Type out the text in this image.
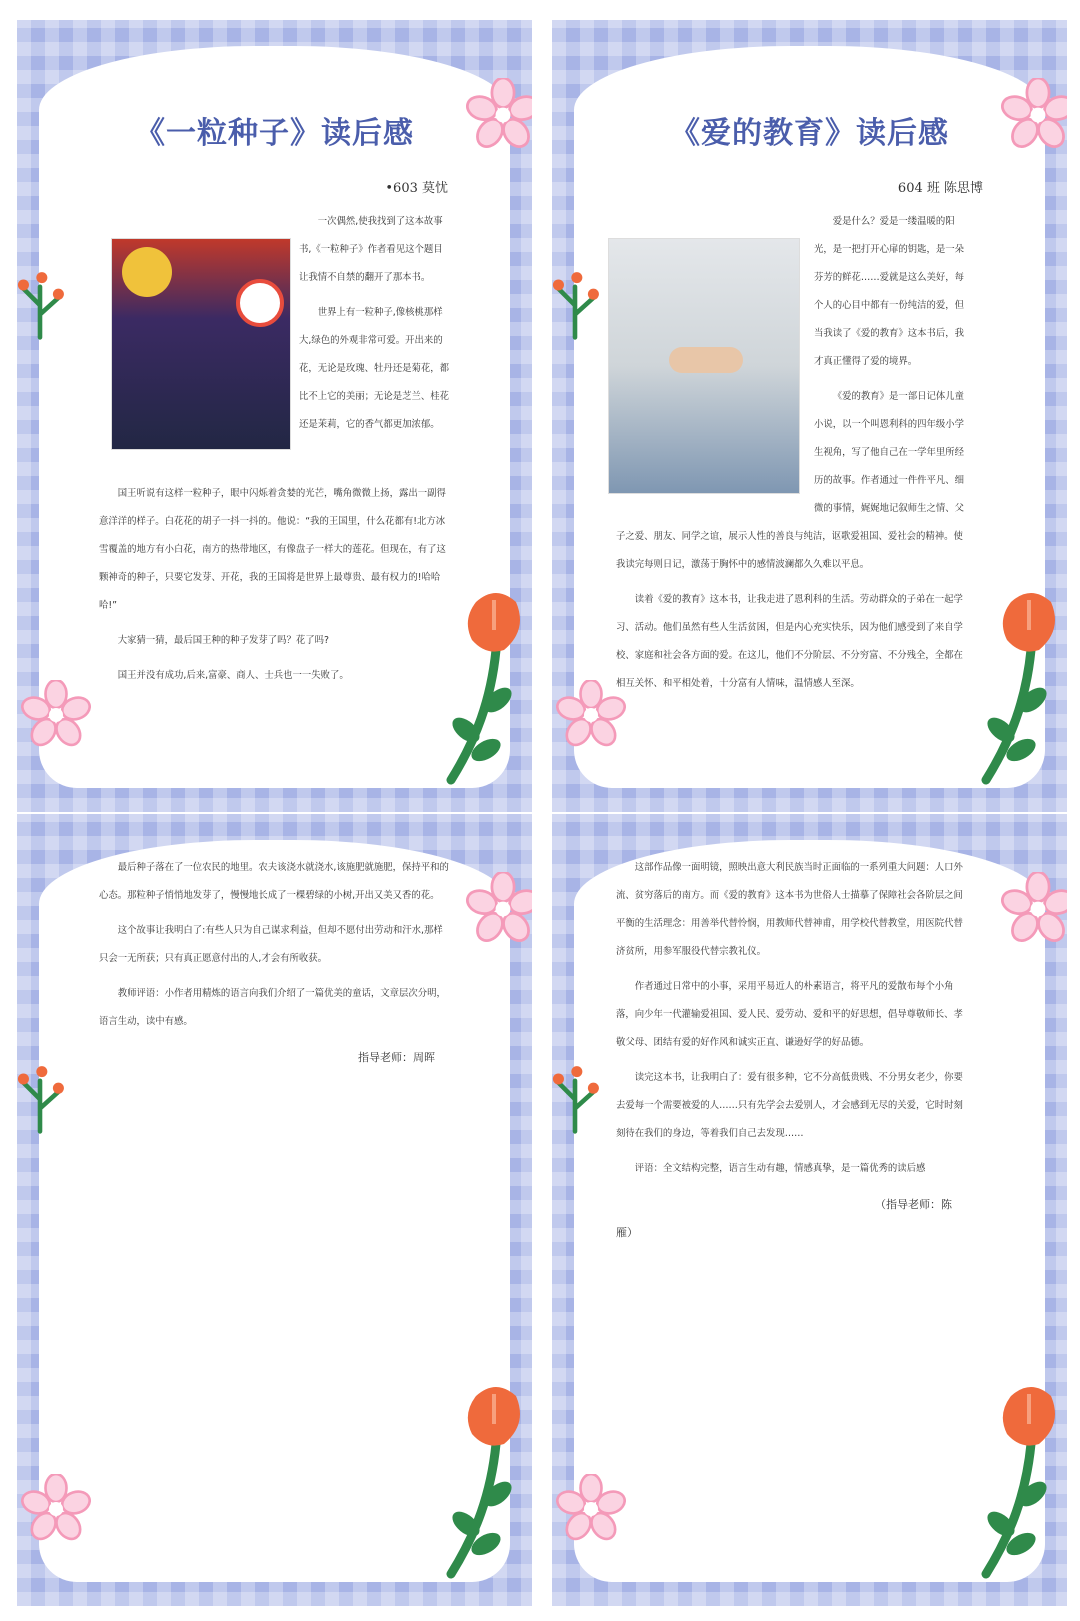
《一粒种子》读后感
•603 莫忧

一次偶然,使我找到了这本故事书,《一粒种子》作者看见这个题目让我情不自禁的翻开了那本书。

世界上有一粒种子,像核桃那样大,绿色的外观非常可爱。开出来的花，无论是玫瑰、牡丹还是菊花，都比不上它的美丽；无论是芝兰、桂花还是茉莉，它的香气都更加浓郁。

国王听说有这样一粒种子，眼中闪烁着贪婪的光芒，嘴角微微上扬，露出一副得意洋洋的样子。白花花的胡子一抖一抖的。他说：“我的王国里，什么花都有!北方冰雪覆盖的地方有小白花，南方的热带地区，有像盘子一样大的莲花。但现在，有了这颗神奇的种子，只要它发芽、开花，我的王国将是世界上最尊贵、最有权力的!哈哈哈!”

大家猜一猜，最后国王种的种子发芽了吗？花了吗?

国王并没有成功,后来,富豪、商人、士兵也一一失败了。

《爱的教育》读后感
604 班 陈思博

爱是什么？爱是一缕温暖的阳光，是一把打开心扉的钥匙，是一朵芬芳的鲜花……爱就是这么美好，每个人的心目中都有一份纯洁的爱，但当我读了《爱的教育》这本书后，我才真正懂得了爱的境界。

《爱的教育》是一部日记体儿童小说，以一个叫恩利科的四年级小学生视角，写了他自己在一学年里所经历的故事。作者通过一件件平凡、细微的事情，娓娓地记叙师生之情、父子之爱、朋友、同学之谊，展示人性的善良与纯洁，讴歌爱祖国、爱社会的精神。使我读完每则日记，激荡于胸怀中的感情波澜都久久难以平息。

读着《爱的教育》这本书，让我走进了恩利科的生活。劳动群众的子弟在一起学习、活动。他们虽然有些人生活贫困，但是内心充实快乐，因为他们感受到了来自学校、家庭和社会各方面的爱。在这儿，他们不分阶层、不分穷富、不分残全，全都在相互关怀、和平相处着，十分富有人情味，温情感人至深。

最后种子落在了一位农民的地里。农夫该浇水就浇水,该施肥就施肥，保持平和的心态。那粒种子悄悄地发芽了，慢慢地长成了一棵碧绿的小树,开出又美又香的花。

这个故事让我明白了:有些人只为自己谋求利益，但却不愿付出劳动和汗水,那样只会一无所获；只有真正愿意付出的人,才会有所收获。

教师评语：小作者用精炼的语言向我们介绍了一篇优美的童话，文章层次分明，语言生动，读中有感。

指导老师：周晖

这部作品像一面明镜，照映出意大利民族当时正面临的一系列重大问题：人口外流、贫穷落后的南方。而《爱的教育》这本书为世俗人士描摹了保障社会各阶层之间平衡的生活理念：用善举代替怜悯，用教师代替神甫，用学校代替教堂，用医院代替济贫所，用参军服役代替宗教礼仪。

作者通过日常中的小事，采用平易近人的朴素语言，将平凡的爱散布每个小角落，向少年一代灌输爱祖国、爱人民、爱劳动、爱和平的好思想，倡导尊敬师长、孝敬父母、团结有爱的好作风和诚实正直、谦逊好学的好品德。

读完这本书，让我明白了：爱有很多种，它不分高低贵贱、不分男女老少，你要去爱每一个需要被爱的人……只有先学会去爱别人，才会感到无尽的关爱，它时时刻刻待在我们的身边，等着我们自己去发现……

评语：全文结构完整，语言生动有趣，情感真挚，是一篇优秀的读后感

（指导老师：陈
雁）
